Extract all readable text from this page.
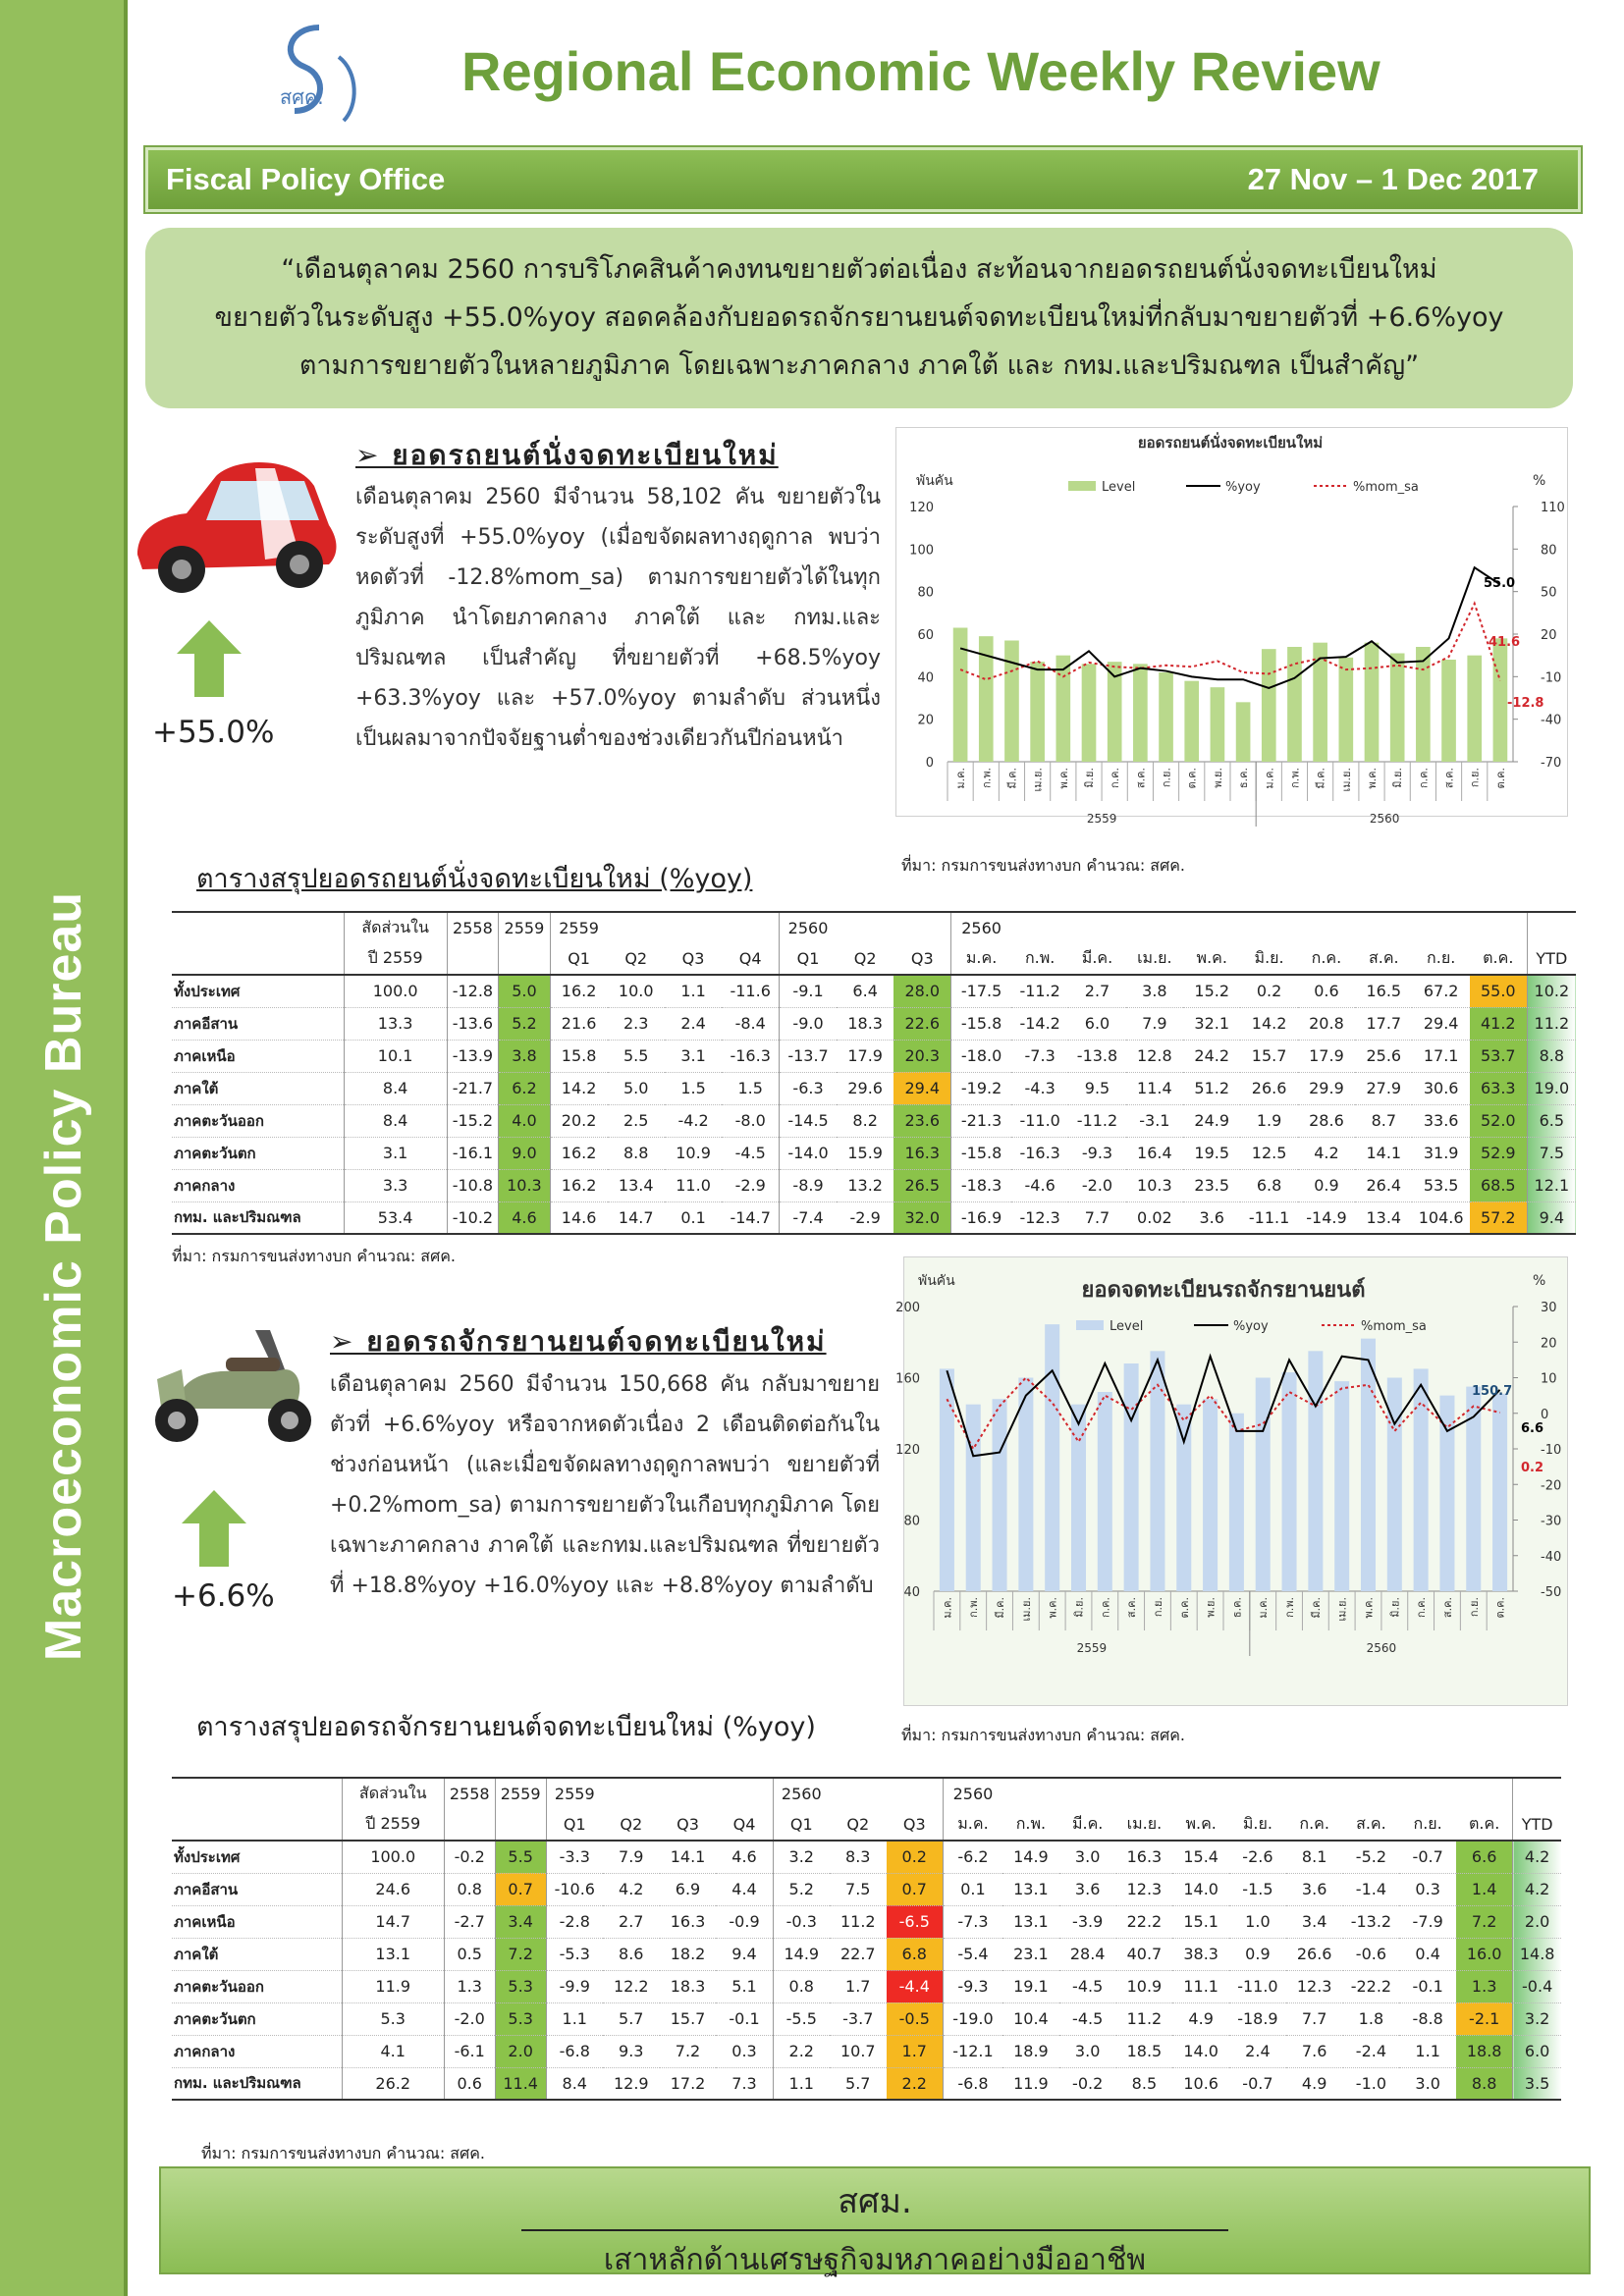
Macroeconomic Policy Bureau
สศค.	Regional Economic Weekly Review
Fiscal Policy Office	27 Nov – 1 Dec 2017

“เดือนตุลาคม 2560 การบริโภคสินค้าคงทนขยายตัวต่อเนื่อง สะท้อนจากยอดรถยนต์นั่งจดทะเบียนใหม่

ขยายตัวในระดับสูง +55.0%yoy สอดคล้องกับยอดรถจักรยานยนต์จดทะเบียนใหม่ที่กลับมาขยายตัวที่ +6.6%yoy

ตามการขยายตัวในหลายภูมิภาค โดยเฉพาะภาคกลาง ภาคใต้ และ กทม.และปริมณฑล เป็นสำคัญ”

+55.0%
➢ ยอดรถยนต์นั่งจดทะเบียนใหม่
เดือนตุลาคม 2560 มีจำนวน 58,102 คัน ขยายตัวในระดับสูงที่ +55.0%yoy (เมื่อขจัดผลทางฤดูกาล พบว่าหดตัวที่ -12.8%mom_sa) ตามการขยายตัวได้ในทุกภูมิภาค นำโดยภาคกลาง ภาคใต้ และ กทม.และปริมณฑล เป็นสำคัญ ที่ขยายตัวที่ +68.5%yoy +63.3%yoy และ +57.0%yoy ตามลำดับ ส่วนหนึ่งเป็นผลมาจากปัจจัยฐานต่ำของช่วงเดียวกันปีก่อนหน้า
ยอดรถยนต์นั่งจดทะเบียนใหม่
พันคัน	%
Level	%yoy	%mom_sa
0
20
40
60
80
100
120
-70
-40
-10
20
50
80
110
ม.ค. ก.พ. มี.ค. เม.ย. พ.ค. มิ.ย. ก.ค. ส.ค. ก.ย. ต.ค. พ.ย. ธ.ค. ม.ค. ก.พ. มี.ค. เม.ย. พ.ค. มิ.ย. ก.ค. ส.ค. ก.ย. ต.ค.
2559	2560
55.0
41.6
-12.8
ที่มา: กรมการขนส่งทางบก คำนวณ: สศค.
ตารางสรุปยอดรถยนต์นั่งจดทะเบียนใหม่ (%yoy)
	สัดส่วนใน	2558	2559	2559				2560			2560										
	ปี 2559			Q1	Q2	Q3	Q4	Q1	Q2	Q3	ม.ค.	ก.พ.	มี.ค.	เม.ย.	พ.ค.	มิ.ย.	ก.ค.	ส.ค.	ก.ย.	ต.ค.	YTD
ทั้งประเทศ	100.0	-12.8	5.0	16.2	10.0	1.1	-11.6	-9.1	6.4	28.0	-17.5	-11.2	2.7	3.8	15.2	0.2	0.6	16.5	67.2	55.0	10.2
ภาคอีสาน	13.3	-13.6	5.2	21.6	2.3	2.4	-8.4	-9.0	18.3	22.6	-15.8	-14.2	6.0	7.9	32.1	14.2	20.8	17.7	29.4	41.2	11.2
ภาคเหนือ	10.1	-13.9	3.8	15.8	5.5	3.1	-16.3	-13.7	17.9	20.3	-18.0	-7.3	-13.8	12.8	24.2	15.7	17.9	25.6	17.1	53.7	8.8
ภาคใต้	8.4	-21.7	6.2	14.2	5.0	1.5	1.5	-6.3	29.6	29.4	-19.2	-4.3	9.5	11.4	51.2	26.6	29.9	27.9	30.6	63.3	19.0
ภาคตะวันออก	8.4	-15.2	4.0	20.2	2.5	-4.2	-8.0	-14.5	8.2	23.6	-21.3	-11.0	-11.2	-3.1	24.9	1.9	28.6	8.7	33.6	52.0	6.5
ภาคตะวันตก	3.1	-16.1	9.0	16.2	8.8	10.9	-4.5	-14.0	15.9	16.3	-15.8	-16.3	-9.3	16.4	19.5	12.5	4.2	14.1	31.9	52.9	7.5
ภาคกลาง	3.3	-10.8	10.3	16.2	13.4	11.0	-2.9	-8.9	13.2	26.5	-18.3	-4.6	-2.0	10.3	23.5	6.8	0.9	26.4	53.5	68.5	12.1
กทม. และปริมณฑล	53.4	-10.2	4.6	14.6	14.7	0.1	-14.7	-7.4	-2.9	32.0	-16.9	-12.3	7.7	0.02	3.6	-11.1	-14.9	13.4	104.6	57.2	9.4
ที่มา: กรมการขนส่งทางบก คำนวณ: สศค.
+6.6%
➢ ยอดรถจักรยานยนต์จดทะเบียนใหม่
เดือนตุลาคม 2560 มีจำนวน 150,668 คัน กลับมาขยายตัวที่ +6.6%yoy หรือจากหดตัวเนื่อง 2 เดือนติดต่อกันในช่วงก่อนหน้า (และเมื่อขจัดผลทางฤดูกาลพบว่า ขยายตัวที่ +0.2%mom_sa) ตามการขยายตัวในเกือบทุกภูมิภาค โดยเฉพาะภาคกลาง ภาคใต้ และกทม.และปริมณฑล ที่ขยายตัวที่ +18.8%yoy +16.0%yoy และ +8.8%yoy ตามลำดับ
ยอดจดทะเบียนรถจักรยานยนต์
พันคัน	%
Level	%yoy	%mom_sa
40
80
120
160
200
-50
-40
-30
-20
-10
0
10
20
30
ม.ค. ก.พ. มี.ค. เม.ย. พ.ค. มิ.ย. ก.ค. ส.ค. ก.ย. ต.ค. พ.ย. ธ.ค. ม.ค. ก.พ. มี.ค. เม.ย. พ.ค. มิ.ย. ก.ค. ส.ค. ก.ย. ต.ค.
2559	2560
150.7
6.6
0.2
ที่มา: กรมการขนส่งทางบก คำนวณ: สศค.
ตารางสรุปยอดรถจักรยานยนต์จดทะเบียนใหม่ (%yoy)
	สัดส่วนใน	2558	2559	2559				2560			2560										
	ปี 2559			Q1	Q2	Q3	Q4	Q1	Q2	Q3	ม.ค.	ก.พ.	มี.ค.	เม.ย.	พ.ค.	มิ.ย.	ก.ค.	ส.ค.	ก.ย.	ต.ค.	YTD
ทั้งประเทศ	100.0	-0.2	5.5	-3.3	7.9	14.1	4.6	3.2	8.3	0.2	-6.2	14.9	3.0	16.3	15.4	-2.6	8.1	-5.2	-0.7	6.6	4.2
ภาคอีสาน	24.6	0.8	0.7	-10.6	4.2	6.9	4.4	5.2	7.5	0.7	0.1	13.1	3.6	12.3	14.0	-1.5	3.6	-1.4	0.3	1.4	4.2
ภาคเหนือ	14.7	-2.7	3.4	-2.8	2.7	16.3	-0.9	-0.3	11.2	-6.5	-7.3	13.1	-3.9	22.2	15.1	1.0	3.4	-13.2	-7.9	7.2	2.0
ภาคใต้	13.1	0.5	7.2	-5.3	8.6	18.2	9.4	14.9	22.7	6.8	-5.4	23.1	28.4	40.7	38.3	0.9	26.6	-0.6	0.4	16.0	14.8
ภาคตะวันออก	11.9	1.3	5.3	-9.9	12.2	18.3	5.1	0.8	1.7	-4.4	-9.3	19.1	-4.5	10.9	11.1	-11.0	12.3	-22.2	-0.1	1.3	-0.4
ภาคตะวันตก	5.3	-2.0	5.3	1.1	5.7	15.7	-0.1	-5.5	-3.7	-0.5	-19.0	10.4	-4.5	11.2	4.9	-18.9	7.7	1.8	-8.8	-2.1	3.2
ภาคกลาง	4.1	-6.1	2.0	-6.8	9.3	7.2	0.3	2.2	10.7	1.7	-12.1	18.9	3.0	18.5	14.0	2.4	7.6	-2.4	1.1	18.8	6.0
กทม. และปริมณฑล	26.2	0.6	11.4	8.4	12.9	17.2	7.3	1.1	5.7	2.2	-6.8	11.9	-0.2	8.5	10.6	-0.7	4.9	-1.0	3.0	8.8	3.5
ที่มา: กรมการขนส่งทางบก คำนวณ: สศค.
สศม.
เสาหลักด้านเศรษฐกิจมหภาคอย่างมืออาชีพ
